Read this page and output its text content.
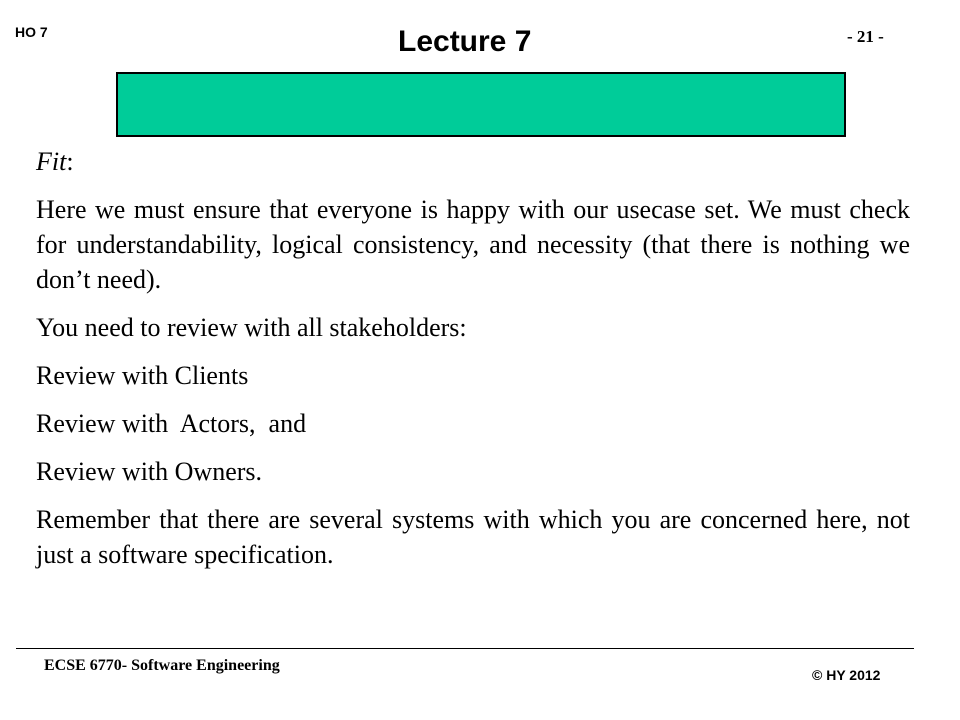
HO 7	Lecture 7	- 21 -

Fit:

Here we must ensure that everyone is happy with our usecase set. We must check for understandability, logical consistency, and necessity (that there is nothing we don’t need).

You need to review with all stakeholders:

Review with Clients

Review with  Actors,  and

Review with Owners.

Remember that there are several systems with which you are concerned here, not just a software specification.

ECSE 6770- Software Engineering
© HY 2012
